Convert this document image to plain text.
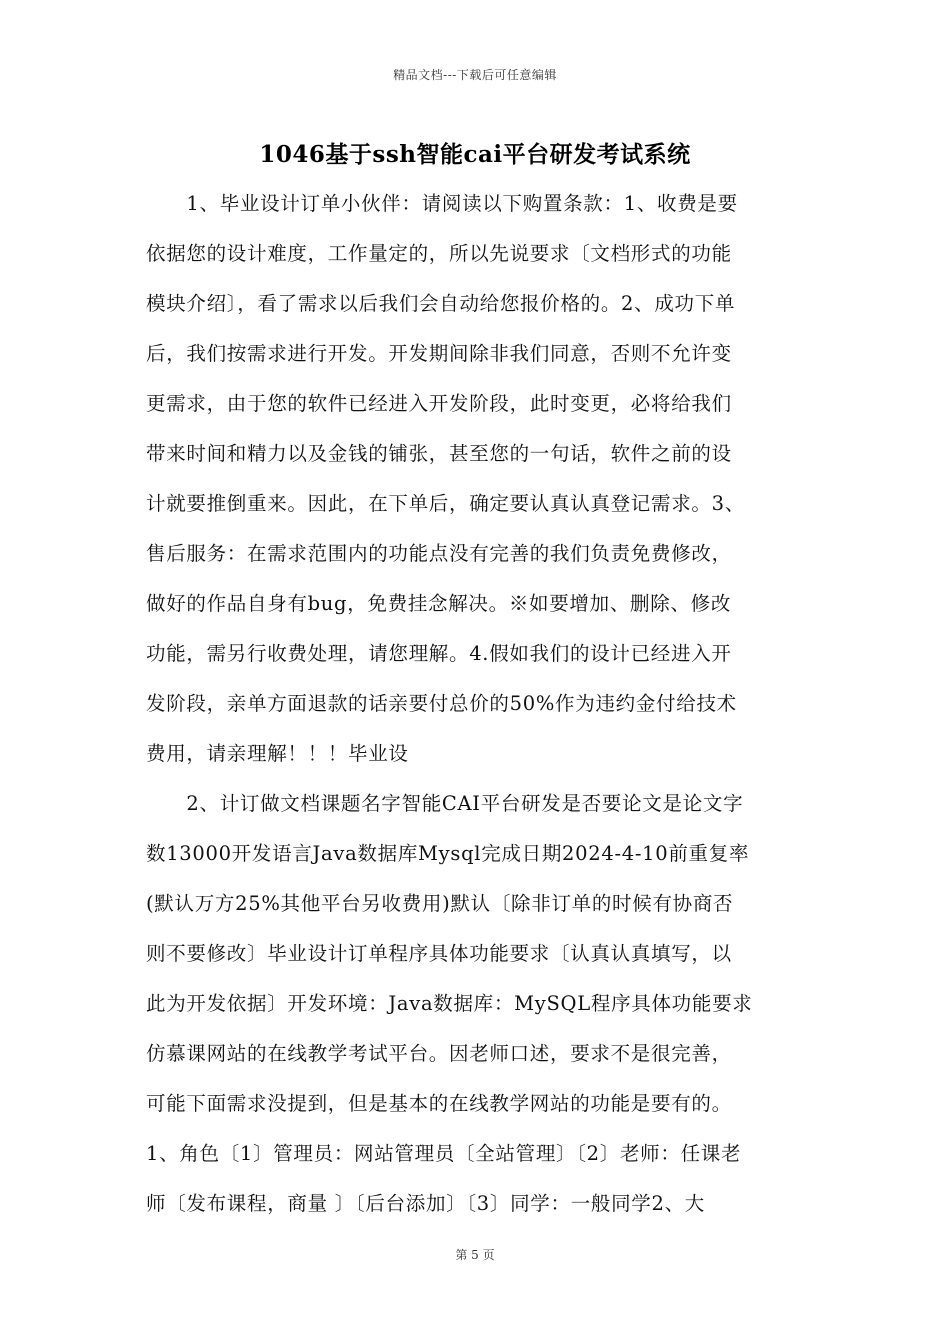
精品文档---下载后可任意编辑
1046基于ssh智能cai平台研发考试系统
　　1、毕业设计订单小伙伴：请阅读以下购置条款：1、收费是要
依据您的设计难度，工作量定的，所以先说要求〔文档形式的功能
模块介绍〕，看了需求以后我们会自动给您报价格的。2、成功下单
后，我们按需求进行开发。开发期间除非我们同意，否则不允许变
更需求，由于您的软件已经进入开发阶段，此时变更，必将给我们
带来时间和精力以及金钱的铺张，甚至您的一句话，软件之前的设
计就要推倒重来。因此，在下单后，确定要认真认真登记需求。3、
售后服务：在需求范围内的功能点没有完善的我们负责免费修改，
做好的作品自身有bug，免费挂念解决。※如要增加、删除、修改
功能，需另行收费处理，请您理解。4.假如我们的设计已经进入开
发阶段，亲单方面退款的话亲要付总价的50%作为违约金付给技术
费用，请亲理解！！！毕业设
　　2、计订做文档课题名字智能CAI平台研发是否要论文是论文字
数13000开发语言Java数据库Mysql完成日期2024-4-10前重复率
(默认万方25%其他平台另收费用)默认〔除非订单的时候有协商否
则不要修改〕毕业设计订单程序具体功能要求〔认真认真填写，以
此为开发依据〕开发环境：Java数据库：MySQL程序具体功能要求
仿慕课网站的在线教学考试平台。因老师口述，要求不是很完善，
可能下面需求没提到，但是基本的在线教学网站的功能是要有的。
1、角色〔1〕管理员：网站管理员〔全站管理〕〔2〕老师：任课老
师〔发布课程，商量 〕〔后台添加〕〔3〕同学：一般同学2、大
第 5 页
